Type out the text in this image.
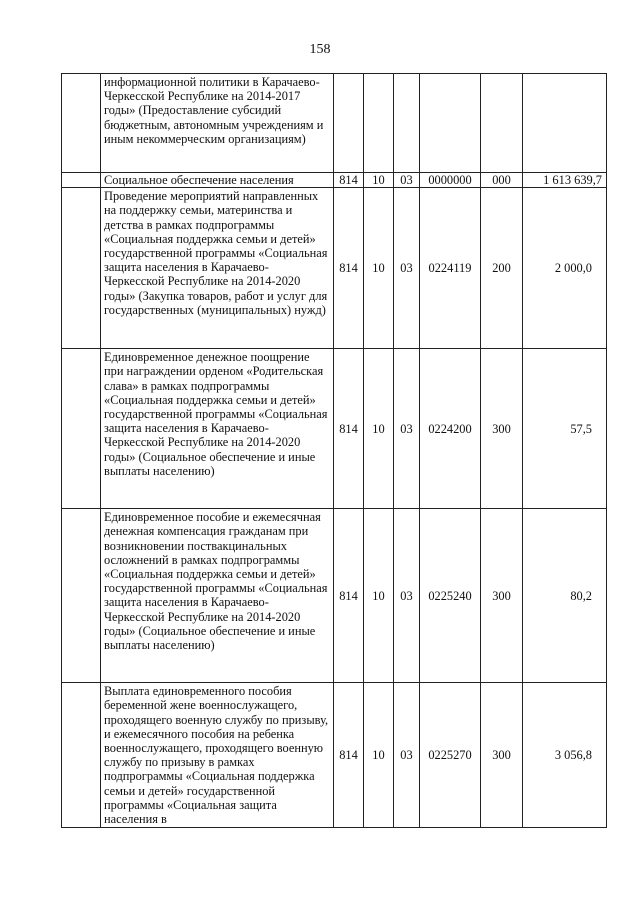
158
	информационной политики в Карачаево-Черкесской Республике на 2014-2017 годы» (Предоставление субсидий бюджетным, автономным учреждениям и иным некоммерческим организациям)						
	Социальное обеспечение населения	814	10	03	0000000	000	1 613 639,7
	Проведение мероприятий направленных на поддержку семьи, материнства и детства в рамках подпрограммы «Социальная поддержка семьи и детей» государственной программы «Социальная защита населения в Карачаево-Черкесской Республике на 2014-2020 годы» (Закупка товаров, работ и услуг для государственных (муниципальных) нужд)	814	10	03	0224119	200	2 000,0
	Единовременное денежное поощрение при награждении орденом «Родительская слава» в рамках подпрограммы «Социальная поддержка семьи и детей» государственной программы «Социальная защита населения в Карачаево-Черкесской Республике на 2014-2020 годы» (Социальное обеспечение и иные выплаты населению)	814	10	03	0224200	300	57,5
	Единовременное пособие и ежемесячная денежная компенсация гражданам при возникновении поствакцинальных осложнений в рамках подпрограммы «Социальная поддержка семьи и детей» государственной программы «Социальная защита населения в Карачаево-Черкесской Республике на 2014-2020 годы» (Социальное обеспечение и иные выплаты населению)	814	10	03	0225240	300	80,2
	Выплата единовременного пособия беременной жене военнослужащего, проходящего военную службу по призыву, и ежемесячного пособия на ребенка военнослужащего, проходящего военную службу по призыву в рамках подпрограммы «Социальная поддержка семьи и детей» государственной программы «Социальная защита населения в	814	10	03	0225270	300	3 056,8
